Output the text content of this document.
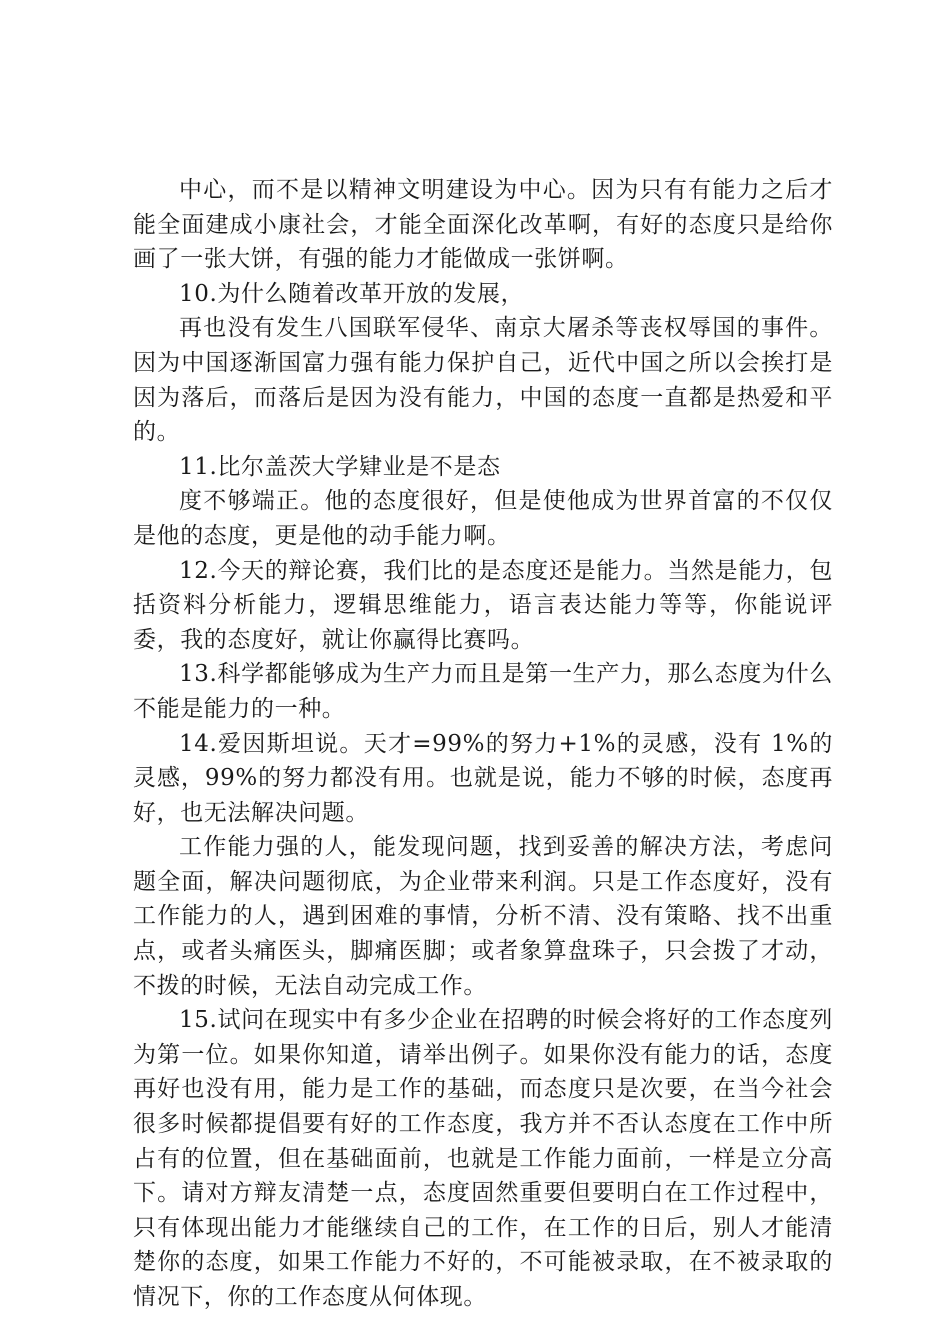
中心，而不是以精神文明建设为中心。因为只有有能力之后才能全面建成小康社会，才能全面深化改革啊，有好的态度只是给你画了一张大饼，有强的能力才能做成一张饼啊。

10.为什么随着改革开放的发展，

再也没有发生八国联军侵华、南京大屠杀等丧权辱国的事件。因为中国逐渐国富力强有能力保护自己，近代中国之所以会挨打是因为落后，而落后是因为没有能力，中国的态度一直都是热爱和平的。

11.比尔盖茨大学肄业是不是态

度不够端正。他的态度很好，但是使他成为世界首富的不仅仅是他的态度，更是他的动手能力啊。

12.今天的辩论赛，我们比的是态度还是能力。当然是能力，包括资料分析能力，逻辑思维能力，语言表达能力等等，你能说评委，我的态度好，就让你赢得比赛吗。

13.科学都能够成为生产力而且是第一生产力，那么态度为什么不能是能力的一种。

14.爱因斯坦说。天才=99%的努力+1%的灵感，没有 1%的灵感，99%的努力都没有用。也就是说，能力不够的时候，态度再好，也无法解决问题。

工作能力强的人，能发现问题，找到妥善的解决方法，考虑问题全面，解决问题彻底，为企业带来利润。只是工作态度好，没有工作能力的人，遇到困难的事情，分析不清、没有策略、找不出重点，或者头痛医头，脚痛医脚；或者象算盘珠子，只会拨了才动，不拨的时候，无法自动完成工作。

15.试问在现实中有多少企业在招聘的时候会将好的工作态度列为第一位。如果你知道，请举出例子。如果你没有能力的话，态度再好也没有用，能力是工作的基础，而态度只是次要，在当今社会很多时候都提倡要有好的工作态度，我方并不否认态度在工作中所占有的位置，但在基础面前，也就是工作能力面前，一样是立分高下。请对方辩友清楚一点，态度固然重要但要明白在工作过程中，只有体现出能力才能继续自己的工作，在工作的日后，别人才能清楚你的态度，如果工作能力不好的，不可能被录取，在不被录取的情况下，你的工作态度从何体现。
